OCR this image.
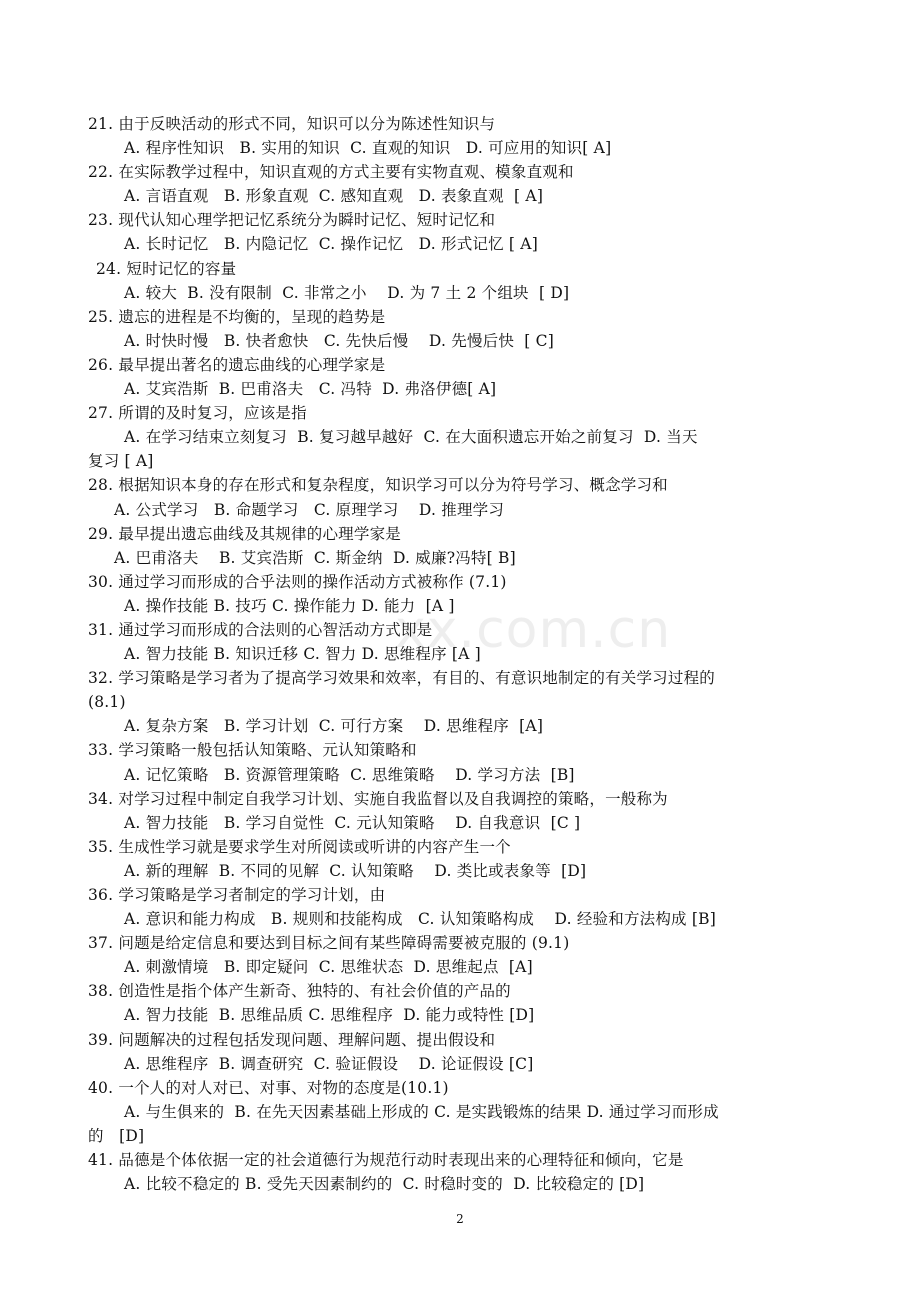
xx.com.cn
21. 由于反映活动的形式不同，知识可以分为陈述性知识与
A. 程序性知识   B. 实用的知识  C. 直观的知识   D. 可应用的知识[ A]
22. 在实际教学过程中，知识直观的方式主要有实物直观、模象直观和
A. 言语直观   B. 形象直观  C. 感知直观   D. 表象直观  [ A]
23. 现代认知心理学把记忆系统分为瞬时记忆、短时记忆和
A. 长时记忆   B. 内隐记忆  C. 操作记忆   D. 形式记忆 [ A]
24. 短时记忆的容量
A. 较大  B. 没有限制  C. 非常之小    D. 为 7 土 2 个组块  [ D]
25. 遗忘的进程是不均衡的，呈现的趋势是
A. 时快时慢   B. 快者愈快   C. 先快后慢    D. 先慢后快  [ C]
26. 最早提出著名的遗忘曲线的心理学家是
A. 艾宾浩斯  B. 巴甫洛夫   C. 冯特  D. 弗洛伊德[ A]
27. 所谓的及时复习，应该是指
A. 在学习结束立刻复习  B. 复习越早越好  C. 在大面积遗忘开始之前复习  D. 当天
复习 [ A]
28. 根据知识本身的存在形式和复杂程度，知识学习可以分为符号学习、概念学习和
A. 公式学习   B. 命题学习   C. 原理学习    D. 推理学习
29. 最早提出遗忘曲线及其规律的心理学家是
A. 巴甫洛夫    B. 艾宾浩斯  C. 斯金纳  D. 威廉?冯特[ B]
30. 通过学习而形成的合乎法则的操作活动方式被称作 (7.1)
A. 操作技能 B. 技巧 C. 操作能力 D. 能力  [A ]
31. 通过学习而形成的合法则的心智活动方式即是
A. 智力技能 B. 知识迁移 C. 智力 D. 思维程序 [A ]
32. 学习策略是学习者为了提高学习效果和效率，有目的、有意识地制定的有关学习过程的
(8.1)
A. 复杂方案   B. 学习计划  C. 可行方案    D. 思维程序  [A]
33. 学习策略一般包括认知策略、元认知策略和
A. 记忆策略   B. 资源管理策略  C. 思维策略    D. 学习方法  [B]
34. 对学习过程中制定自我学习计划、实施自我监督以及自我调控的策略，一般称为
A. 智力技能   B. 学习自觉性  C. 元认知策略    D. 自我意识  [C ]
35. 生成性学习就是要求学生对所阅读或听讲的内容产生一个
A. 新的理解  B. 不同的见解  C. 认知策略    D. 类比或表象等  [D]
36. 学习策略是学习者制定的学习计划，由
A. 意识和能力构成   B. 规则和技能构成   C. 认知策略构成    D. 经验和方法构成 [B]
37. 问题是给定信息和要达到目标之间有某些障碍需要被克服的 (9.1)
A. 刺激情境   B. 即定疑问  C. 思维状态  D. 思维起点  [A]
38. 创造性是指个体产生新奇、独特的、有社会价值的产品的
A. 智力技能  B. 思维品质 C. 思维程序  D. 能力或特性 [D]
39. 问题解决的过程包括发现问题、理解问题、提出假设和
A. 思维程序  B. 调查研究  C. 验证假设    D. 论证假设 [C]
40. 一个人的对人对已、对事、对物的态度是(10.1)
A. 与生俱来的  B. 在先天因素基础上形成的 C. 是实践锻炼的结果 D. 通过学习而形成
的   [D]
41. 品德是个体依据一定的社会道德行为规范行动时表现出来的心理特征和倾向，它是
A. 比较不稳定的 B. 受先天因素制约的  C. 时稳时变的  D. 比较稳定的 [D]
2
